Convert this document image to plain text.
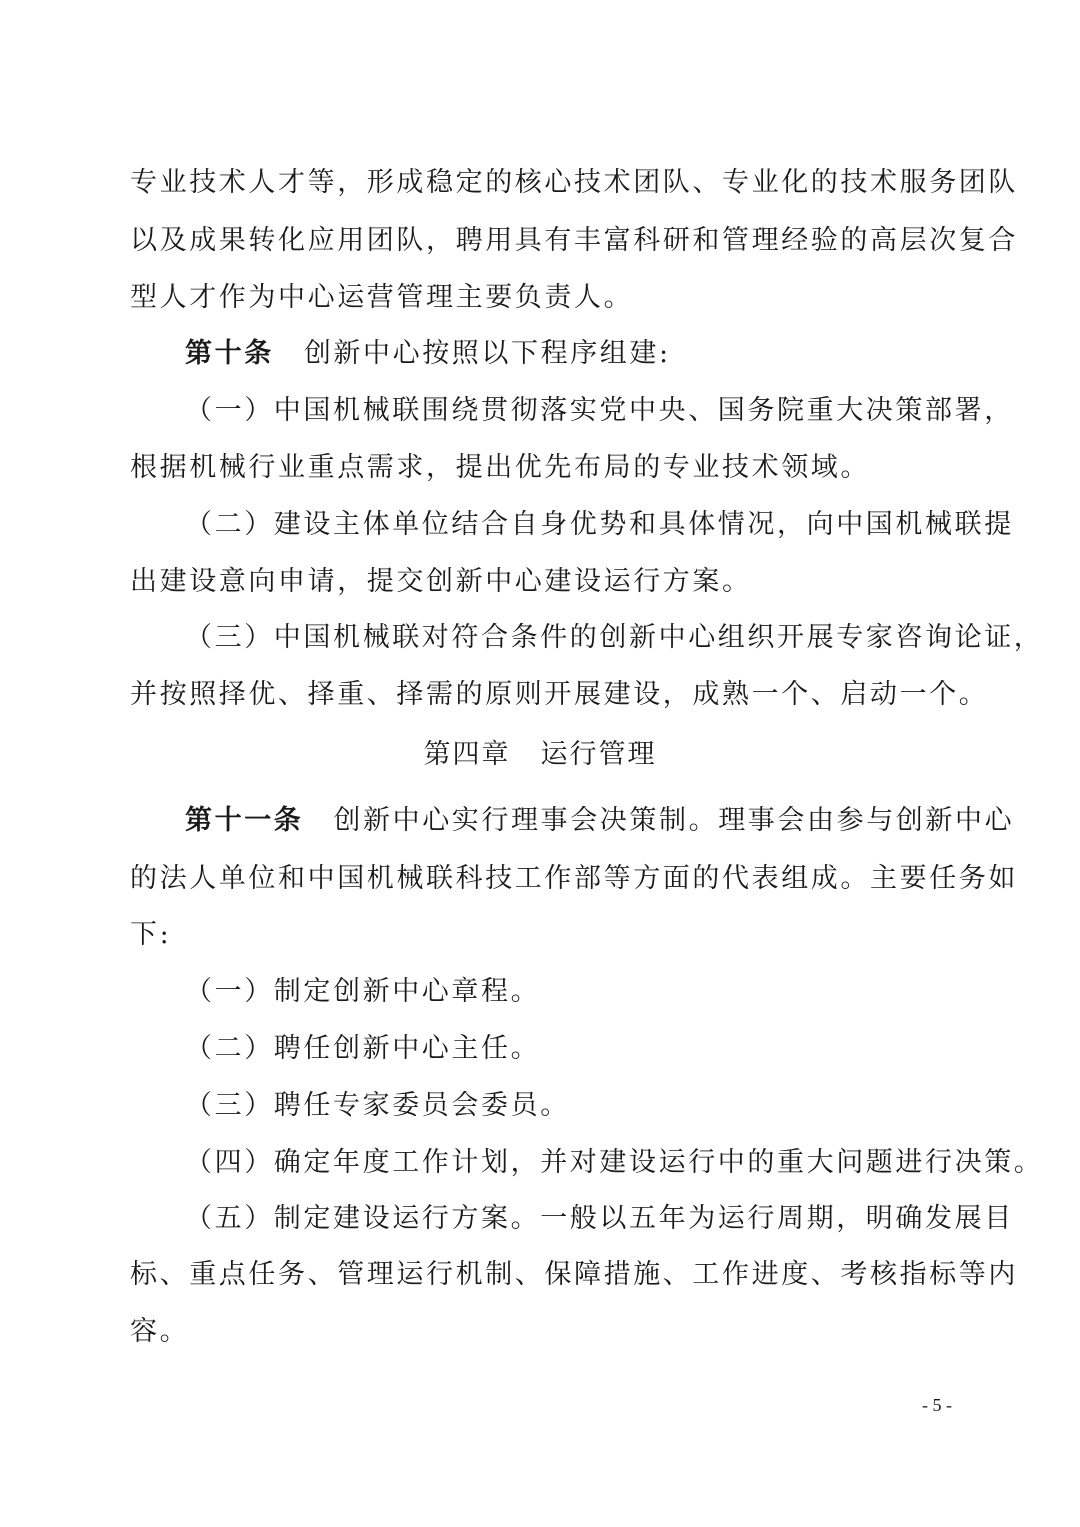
专业技术人才等，形成稳定的核心技术团队、专业化的技术服务团队
以及成果转化应用团队，聘用具有丰富科研和管理经验的高层次复合
型人才作为中心运营管理主要负责人。
第十条 创新中心按照以下程序组建:
（一）中国机械联围绕贯彻落实党中央、国务院重大决策部署，
根据机械行业重点需求，提出优先布局的专业技术领域。
（二）建设主体单位结合自身优势和具体情况，向中国机械联提
出建设意向申请，提交创新中心建设运行方案。
（三）中国机械联对符合条件的创新中心组织开展专家咨询论证，
并按照择优、择重、择需的原则开展建设，成熟一个、启动一个。
第四章 运行管理
第十一条 创新中心实行理事会决策制。理事会由参与创新中心
的法人单位和中国机械联科技工作部等方面的代表组成。主要任务如
下:
（一）制定创新中心章程。
（二）聘任创新中心主任。
（三）聘任专家委员会委员。
（四）确定年度工作计划，并对建设运行中的重大问题进行决策。
（五）制定建设运行方案。一般以五年为运行周期，明确发展目
标、重点任务、管理运行机制、保障措施、工作进度、考核指标等内
容。
- 5 -
